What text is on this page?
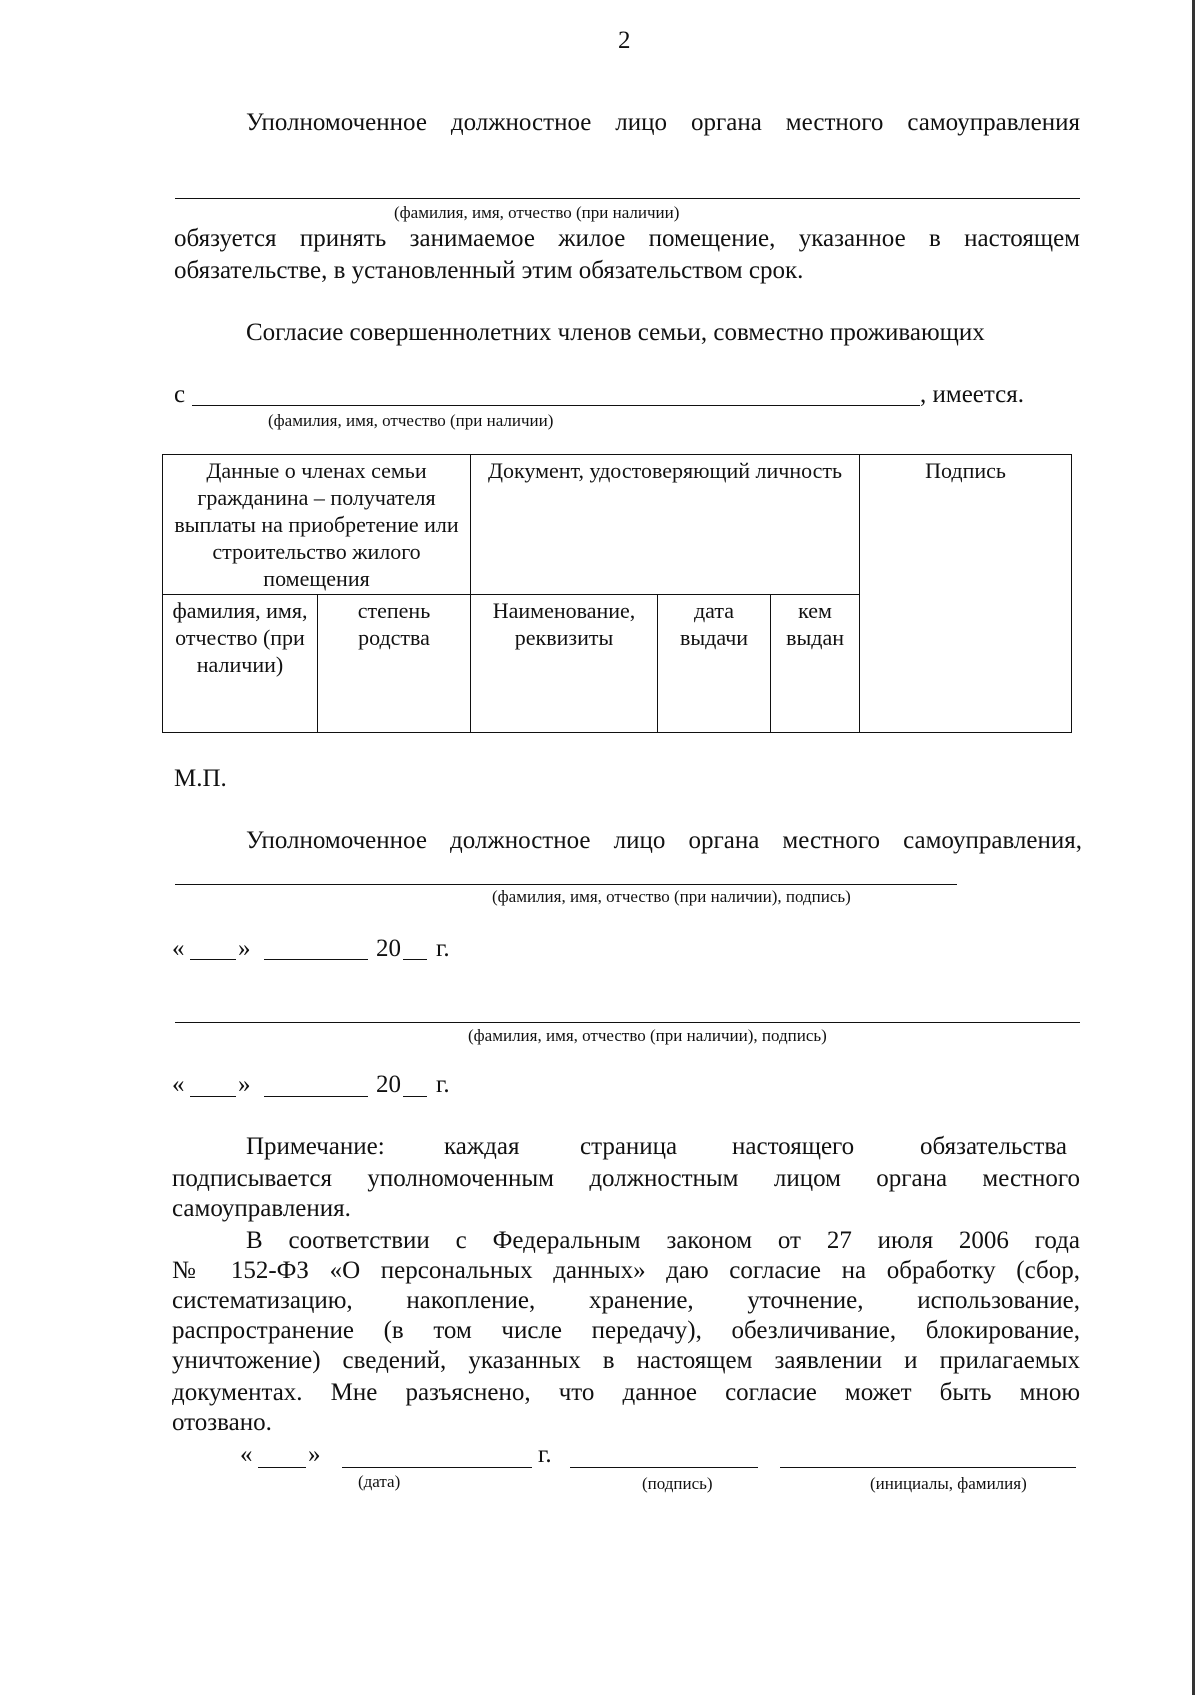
2
Уполномоченное должностное лицо органа местного самоуправления
(фамилия, имя, отчество (при наличии)
обязуется принять занимаемое жилое помещение, указанное в настоящем
обязательстве, в установленный этим обязательством срок.
Согласие совершеннолетних членов семьи, совместно проживающих
с	, имеется.
(фамилия, имя, отчество (при наличии)
Данные о членах семьи гражданина – получателя выплаты на приобретение или строительство жилого помещения		Документ, удостоверяющий личность			Подпись
фамилия, имя, отчество (при наличии)	степень родства	Наименование, реквизиты	дата выдачи	кем выдан	
М.П.
Уполномоченное должностное лицо органа местного самоуправления,
(фамилия, имя, отчество (при наличии), подпись)
« »	20 г.
(фамилия, имя, отчество (при наличии), подпись)
« »	20 г.
Примечание: каждая страница настоящего	обязательства
подписывается уполномоченным должностным лицом органа местного
самоуправления.
В соответствии с Федеральным законом от 27 июля 2006 года
№ 152-ФЗ «О персональных данных» даю согласие на обработку (сбор,
систематизацию, накопление, хранение, уточнение, использование,
распространение (в том числе передачу), обезличивание, блокирование,
уничтожение) сведений, указанных в настоящем заявлении и прилагаемых
документах. Мне разъяснено, что данное согласие может быть мною
отозвано.
« »	г.
(дата)	(подпись)	(инициалы, фамилия)
